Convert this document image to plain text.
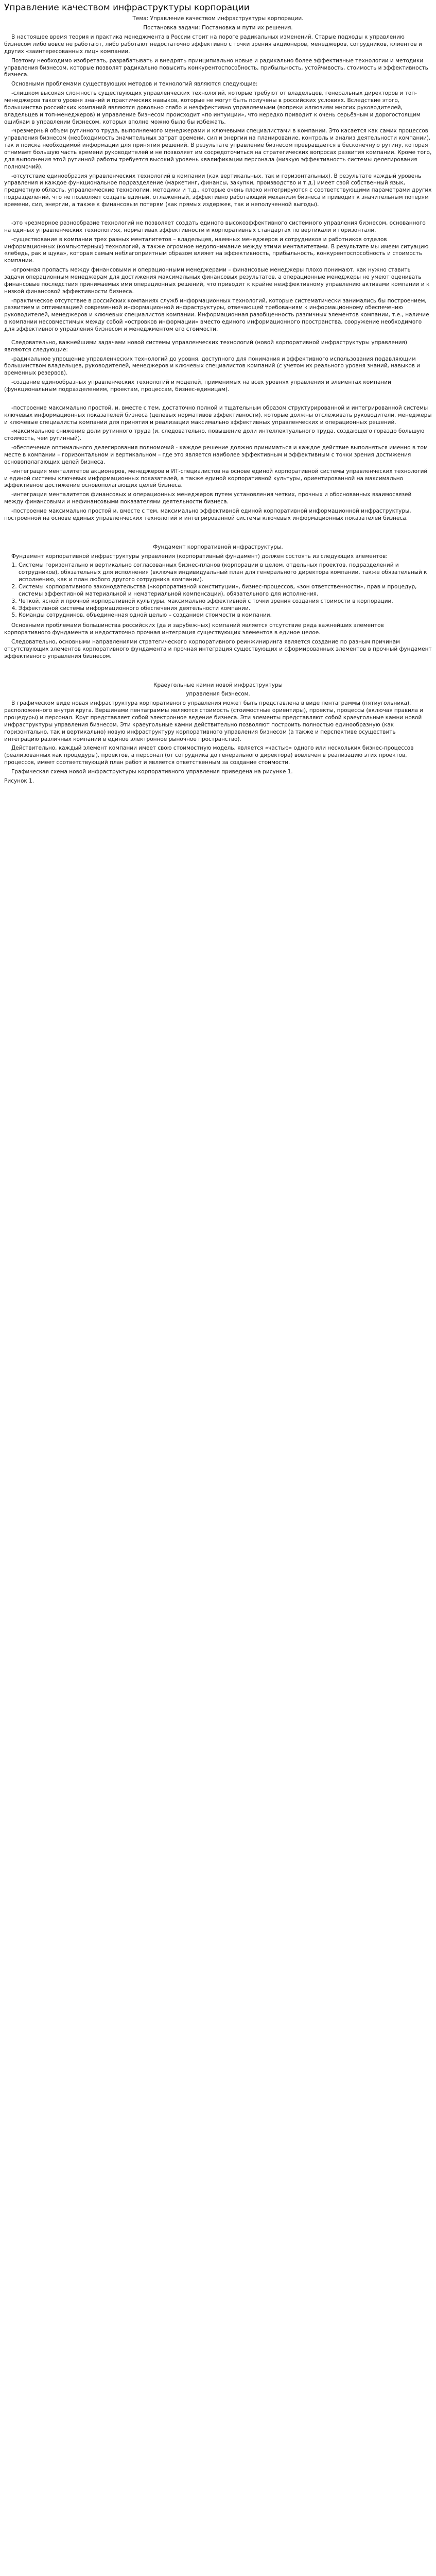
Управление качеством инфраструктуры корпорации

Тема: Управление качеством инфраструктуры корпорации.

Постановка задачи: Постановка и пути их решения.

В настоящее время теория и практика менеджмента в России стоит на пороге радикальных изменений. Старые подходы к управлению бизнесом либо вовсе не работают, либо работают недостаточно эффективно с точки зрения акционеров, менеджеров, сотрудников, клиентов и других «заинтересованных лиц» компании.

Поэтому необходимо изобретать, разрабатывать и внедрять принципиально новые и радикально более эффективные технологии и методики управления бизнесом, которые позволят радикально повысить конкурентоспособность, прибыльность, устойчивость, стоимость и эффективность бизнеса.

Основными проблемами существующих методов и технологий являются следующие:

-слишком высокая сложность существующих управленческих технологий, которые требуют от владельцев, генеральных директоров и топ-менеджеров такого уровня знаний и практических навыков, которые не могут быть получены в российских условиях. Вследствие этого, большинство российских компаний являются довольно слабо и неэффективно управляемыми (вопреки иллюзиям многих руководителей, владельцев и топ-менеджеров) и управление бизнесом происходит «по интуиции», что нередко приводит к очень серьёзным и дорогостоящим ошибкам в управлении бизнесом, которых вполне можно было бы избежать.

-чрезмерный объем рутинного труда, выполняемого менеджерами и ключевыми специалистами в компании. Это касается как самих процессов управления бизнесом (необходимость значительных затрат времени, сил и энергии на планирование, контроль и анализ деятельности компании), так и поиска необходимой информации для принятия решений. В результате управление бизнесом превращается в бесконечную рутину, которая отнимает большую часть времени руководителей и не позволяет им сосредоточиться на стратегических вопросах развития компании. Кроме того, для выполнения этой рутинной работы требуется высокий уровень квалификации персонала (низкую эффективность системы делегирования полномочий).

-отсутствие единообразия управленческих технологий в компании (как вертикальных, так и горизонтальных). В результате каждый уровень управления и каждое функциональное подразделение (маркетинг, финансы, закупки, производство и т.д.) имеет свой собственный язык, предметную область, управленческие технологии, методики и т.д., которые очень плохо интегрируются с соответствующими параметрами других подразделений, что не позволяет создать единый, отлаженный, эффективно работающий механизм бизнеса и приводит к значительным потерям времени, сил, энергии, а также к финансовым потерям (как прямых издержек, так и неполученной выгоды).

-это чрезмерное разнообразие технологий не позволяет создать единого высокоэффективного системного управления бизнесом, основанного на единых управленческих технологиях, нормативах эффективности и корпоративных стандартах по вертикали и горизонтали.

-существование в компании трех разных менталитетов – владельцев, наемных менеджеров и сотрудников и работников отделов информационных (компьютерных) технологий, а также огромное недопонимание между этими менталитетами. В результате мы имеем ситуацию «лебедь, рак и щука», которая самым неблагоприятным образом влияет на эффективность, прибыльность, конкурентоспособность и стоимость компании.

-огромная пропасть между финансовыми и операционными менеджерами – финансовые менеджеры плохо понимают, как нужно ставить задачи операционным менеджерам для достижения максимальных финансовых результатов, а операционные менеджеры не умеют оценивать финансовые последствия принимаемых ими операционных решений, что приводит к крайне неэффективному управлению активами компании и к низкой финансовой эффективности бизнеса.

-практическое отсутствие в российских компаниях служб информационных технологий, которые систематически занимались бы построением, развитием и оптимизацией современной информационной инфраструктуры, отвечающей требованиям к информационному обеспечению руководителей, менеджеров и ключевых специалистов компании. Информационная разобщенность различных элементов компании, т.е., наличие в компании несовместимых между собой «островков информации» вместо единого информационного пространства, сооружение необходимого для эффективного управления бизнесом и менеджментом его стоимости.

Следовательно, важнейшими задачами новой системы управленческих технологий (новой корпоративной инфраструктуры управления) являются следующие:

-радикальное упрощение управленческих технологий до уровня, доступного для понимания и эффективного использования подавляющим большинством владельцев, руководителей, менеджеров и ключевых специалистов компаний (с учетом их реального уровня знаний, навыков и временных резервов).

-создание единообразных управленческих технологий и моделей, применимых на всех уровнях управления и элементах компании (функциональным подразделениям, проектам, процессам, бизнес-единицам).

-построение максимально простой, и, вместе с тем, достаточно полной и тщательным образом структурированной и интегрированной системы ключевых информационных показателей бизнеса (целевых нормативов эффективности), которые должны отслеживать руководители, менеджеры и ключевые специалисты компании для принятия и реализации максимально эффективных управленческих и операционных решений.

-максимальное снижение доли рутинного труда (и, следовательно, повышение доли интеллектуального труда, создающего гораздо большую стоимость, чем рутинный).

-обеспечение оптимального делегирования полномочий - каждое решение должно приниматься и каждое действие выполняться именно в том месте в компании – горизонтальном и вертикальном – где это является наиболее эффективным и эффективным с точки зрения достижения основополагающих целей бизнеса.

-интеграция менталитетов акционеров, менеджеров и ИТ-специалистов на основе единой корпоративной системы управленческих технологий и единой системы ключевых информационных показателей, а также единой корпоративной культуры, ориентированной на максимально эффективное достижение основополагающих целей бизнеса.

-интеграция менталитетов финансовых и операционных менеджеров путем установления четких, прочных и обоснованных взаимосвязей между финансовыми и нефинансовыми показателями деятельности бизнеса.

-построение максимально простой и, вместе с тем, максимально эффективной единой корпоративной информационной инфраструктуры, построенной на основе единых управленческих технологий и интегрированной системы ключевых информационных показателей бизнеса.

Фундамент корпоративной инфраструктуры.

Фундамент корпоративной инфраструктуры управления (корпоративный фундамент) должен состоять из следующих элементов:

1. Системы горизонтально и вертикально согласованных бизнес-планов (корпорации в целом, отдельных проектов, подразделений и сотрудников), обязательных для исполнения (включая индивидуальный план для генерального директора компании, также обязательный к исполнению, как и план любого другого сотрудника компании).
2. Системы корпоративного законодательства («корпоративной конституции», бизнес-процессов, «зон ответственности», прав и процедур, системы эффективной материальной и нематериальной компенсации), обязательного для исполнения.
3. Четкой, ясной и прочной корпоративной культуры, максимально эффективной с точки зрения создания стоимости в корпорации.
4. Эффективной системы информационного обеспечения деятельности компании.
5. Команды сотрудников, объединенная одной целью – созданием стоимости в компании.

Основными проблемами большинства российских (да и зарубежных) компаний является отсутствие ряда важнейших элементов корпоративного фундамента и недостаточно прочная интеграция существующих элементов в единое целое.

Следовательно, основными направлениями стратегического корпоративного реинжиниринга является создание по разным причинам отсутствующих элементов корпоративного фундамента и прочная интеграция существующих и сформированных элементов в прочный фундамент эффективного управления бизнесом.

Краеугольные камни новой инфраструктуры

управления бизнесом.

В графическом виде новая инфраструктура корпоративного управления может быть представлена в виде пентаграммы (пятиугольника), расположенного внутри круга. Вершинами пентаграммы являются стоимость (стоимостные ориентиры), проекты, процессы (включая правила и процедуры) и персонал. Круг представляет собой электронное ведение бизнеса. Эти элементы представляют собой краеугольные камни новой инфраструктуры управления бизнесом. Эти краеугольные камни действительно позволяют построить полностью единообразную (как горизонтально, так и вертикально) новую инфраструктуру корпоративного управления бизнесом (а также и перспективе осуществить интеграцию различных компаний в единое электронное рыночное пространство).

Действительно, каждый элемент компании имеет свою стоимостную модель, является «частью» одного или нескольких бизнес-процессов (реализованных как процедуры), проектов, а персонал (от сотрудника до генерального директора) вовлечен в реализацию этих проектов, процессов, имеет соответствующий план работ и является ответственным за создание стоимости.

Графическая схема новой инфраструктуры корпоративного управления приведена на рисунке 1.

Рисунок 1.
